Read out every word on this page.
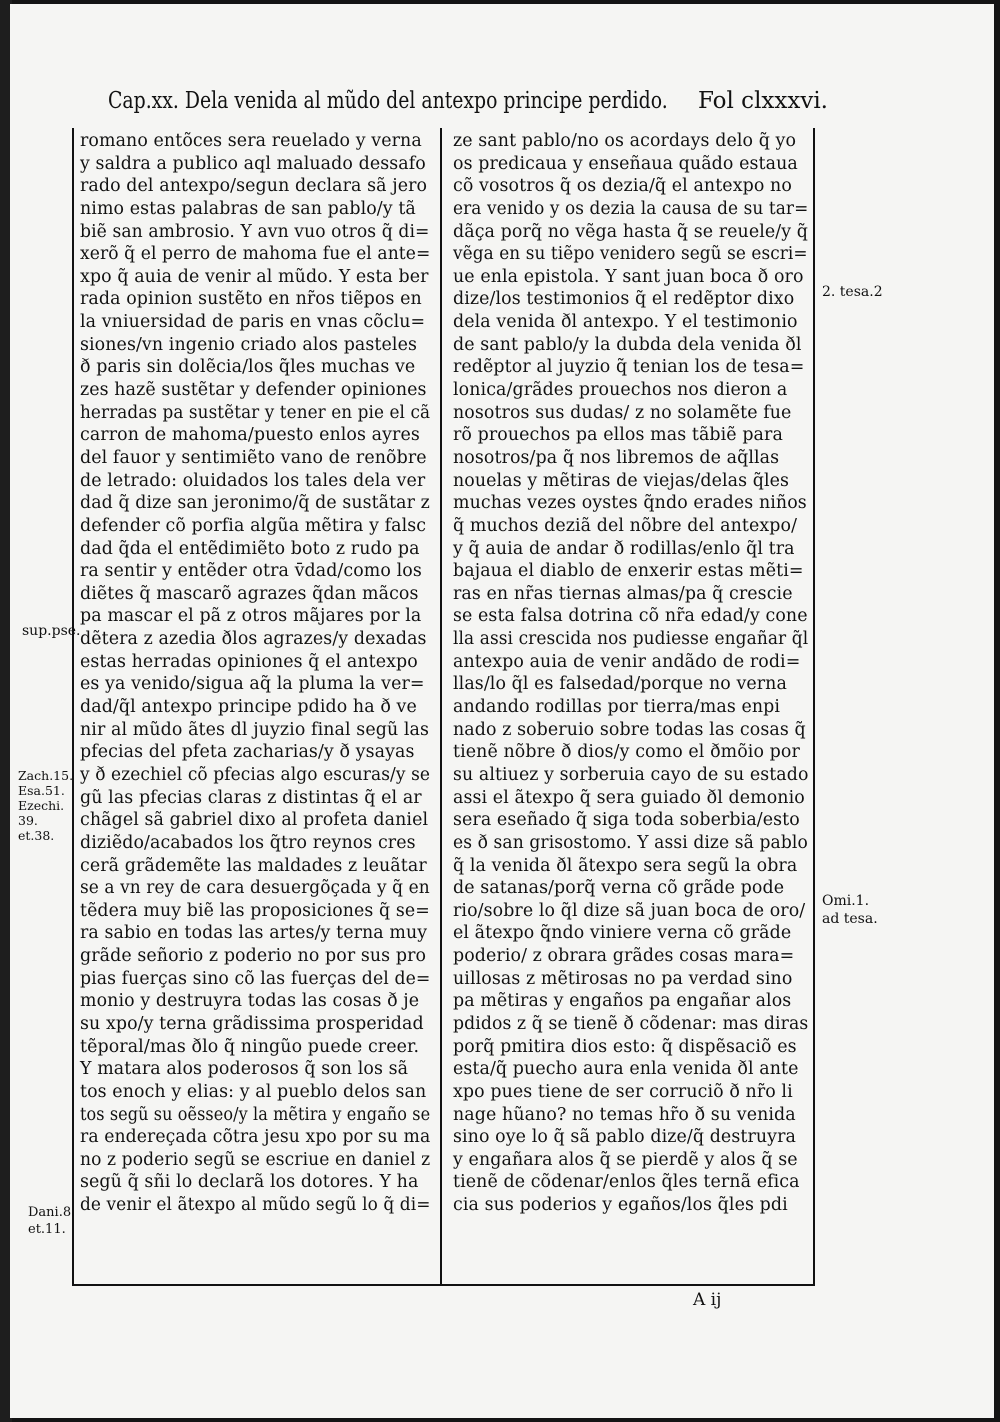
Cap.xx. Dela venida al mũdo del antexpo principe perdido. Fol clxxxvi.
romano entõces sera reuelado y verna
y saldra a publico aql maluado dessafo
rado del antexpo/segun declara sã jero
nimo estas palabras de san pablo/y tã
biẽ san ambrosio. Y avn vuo otros q̃ di=
xerõ q̃ el perro de mahoma fue el ante=
xpo q̃ auia de venir al mũdo. Y esta ber
rada opinion sustẽto en nr̃os tiẽpos en
la vniuersidad de paris en vnas cõclu=
siones/vn ingenio criado alos pasteles
ð paris sin dolẽcia/los q̃les muchas ve
zes hazẽ sustẽtar y defender opiniones
herradas pa sustẽtar y tener en pie el cã
carron de mahoma/puesto enlos ayres
del fauor y sentimiẽto vano de renõbre
de letrado: oluidados los tales dela ver
dad q̃ dize san jeronimo/q̃ de sustãtar z
defender cõ porfia algũa mẽtira y falsc
dad q̃da el entẽdimiẽto boto z rudo pa
ra sentir y entẽder otra v̄dad/como los
diẽtes q̃ mascarõ agrazes q̃dan mãcos
pa mascar el pã z otros mãjares por la
dẽtera z azedia ðlos agrazes/y dexadas
estas herradas opiniones q̃ el antexpo
es ya venido/sigua aq̃ la pluma la ver=
dad/q̃l antexpo principe pdido ha ð ve
nir al mũdo ãtes dl juyzio final segũ las
pfecias del pfeta zacharias/y ð ysayas
y ð ezechiel cõ pfecias algo escuras/y se
gũ las pfecias claras z distintas q̃ el ar
chãgel sã gabriel dixo al profeta daniel
diziẽdo/acabados los q̃tro reynos cres
cerã grãdemẽte las maldades z leuãtar
se a vn rey de cara desuergõçada y q̃ en
tẽdera muy biẽ las proposiciones q̃ se=
ra sabio en todas las artes/y terna muy
grãde señorio z poderio no por sus pro
pias fuerças sino cõ las fuerças del de=
monio y destruyra todas las cosas ð je
su xpo/y terna grãdissima prosperidad
tẽporal/mas ðlo q̃ ningũo puede creer.
Y matara alos poderosos q̃ son los sã
tos enoch y elias: y al pueblo delos san
tos segũ su oẽsseo/y la mẽtira y engaño se
ra endereçada cõtra jesu xpo por su ma
no z poderio segũ se escriue en daniel z
segũ q̃ sñi lo declarã los dotores. Y ha
de venir el ãtexpo al mũdo segũ lo q̃ di=
ze sant pablo/no os acordays delo q̃ yo
os predicaua y enseñaua quãdo estaua
cõ vosotros q̃ os dezia/q̃ el antexpo no
era venido y os dezia la causa de su tar=
dãça porq̃ no vẽga hasta q̃ se reuele/y q̃
vẽga en su tiẽpo venidero segũ se escri=
ue enla epistola. Y sant juan boca ð oro
dize/los testimonios q̃ el redẽptor dixo
dela venida ðl antexpo. Y el testimonio
de sant pablo/y la dubda dela venida ðl
redẽptor al juyzio q̃ tenian los de tesa=
lonica/grãdes prouechos nos dieron a
nosotros sus dudas/ z no solamẽte fue
rõ prouechos pa ellos mas tãbiẽ para
nosotros/pa q̃ nos libremos de aq̃llas
nouelas y mẽtiras de viejas/delas q̃les
muchas vezes oystes q̃ndo erades niños
q̃ muchos deziã del nõbre del antexpo/
y q̃ auia de andar ð rodillas/enlo q̃l tra
bajaua el diablo de enxerir estas mẽti=
ras en nr̃as tiernas almas/pa q̃ crescie
se esta falsa dotrina cõ nr̃a edad/y cone
lla assi crescida nos pudiesse engañar q̃l
antexpo auia de venir andãdo de rodi=
llas/lo q̃l es falsedad/porque no verna
andando rodillas por tierra/mas enpi
nado z soberuio sobre todas las cosas q̃
tienẽ nõbre ð dios/y como el ðmõio por
su altiuez y sorberuia cayo de su estado
assi el ãtexpo q̃ sera guiado ðl demonio
sera eseñado q̃ siga toda soberbia/esto
es ð san grisostomo. Y assi dize sã pablo
q̃ la venida ðl ãtexpo sera segũ la obra
de satanas/porq̃ verna cõ grãde pode
rio/sobre lo q̃l dize sã juan boca de oro/
el ãtexpo q̃ndo viniere verna cõ grãde
poderio/ z obrara grãdes cosas mara=
uillosas z mẽtirosas no pa verdad sino
pa mẽtiras y engaños pa engañar alos
pdidos z q̃ se tienẽ ð cõdenar: mas diras
porq̃ pmitira dios esto: q̃ dispẽsaciõ es
esta/q̃ puecho aura enla venida ðl ante
xpo pues tiene de ser corruciõ ð nr̃o li
nage hũano? no temas hr̃o ð su venida
sino oye lo q̃ sã pablo dize/q̃ destruyra
y engañara alos q̃ se pierdẽ y alos q̃ se
tienẽ de cõdenar/enlos q̃les ternã efica
cia sus poderios y egaños/los q̃les pdi
2. tesa.2
sup.pse.
Zach.15.
Esa.51.
Ezechi.
39.
et.38.
Omi.1.
ad tesa.
Dani.8.
et.11.
A ij
